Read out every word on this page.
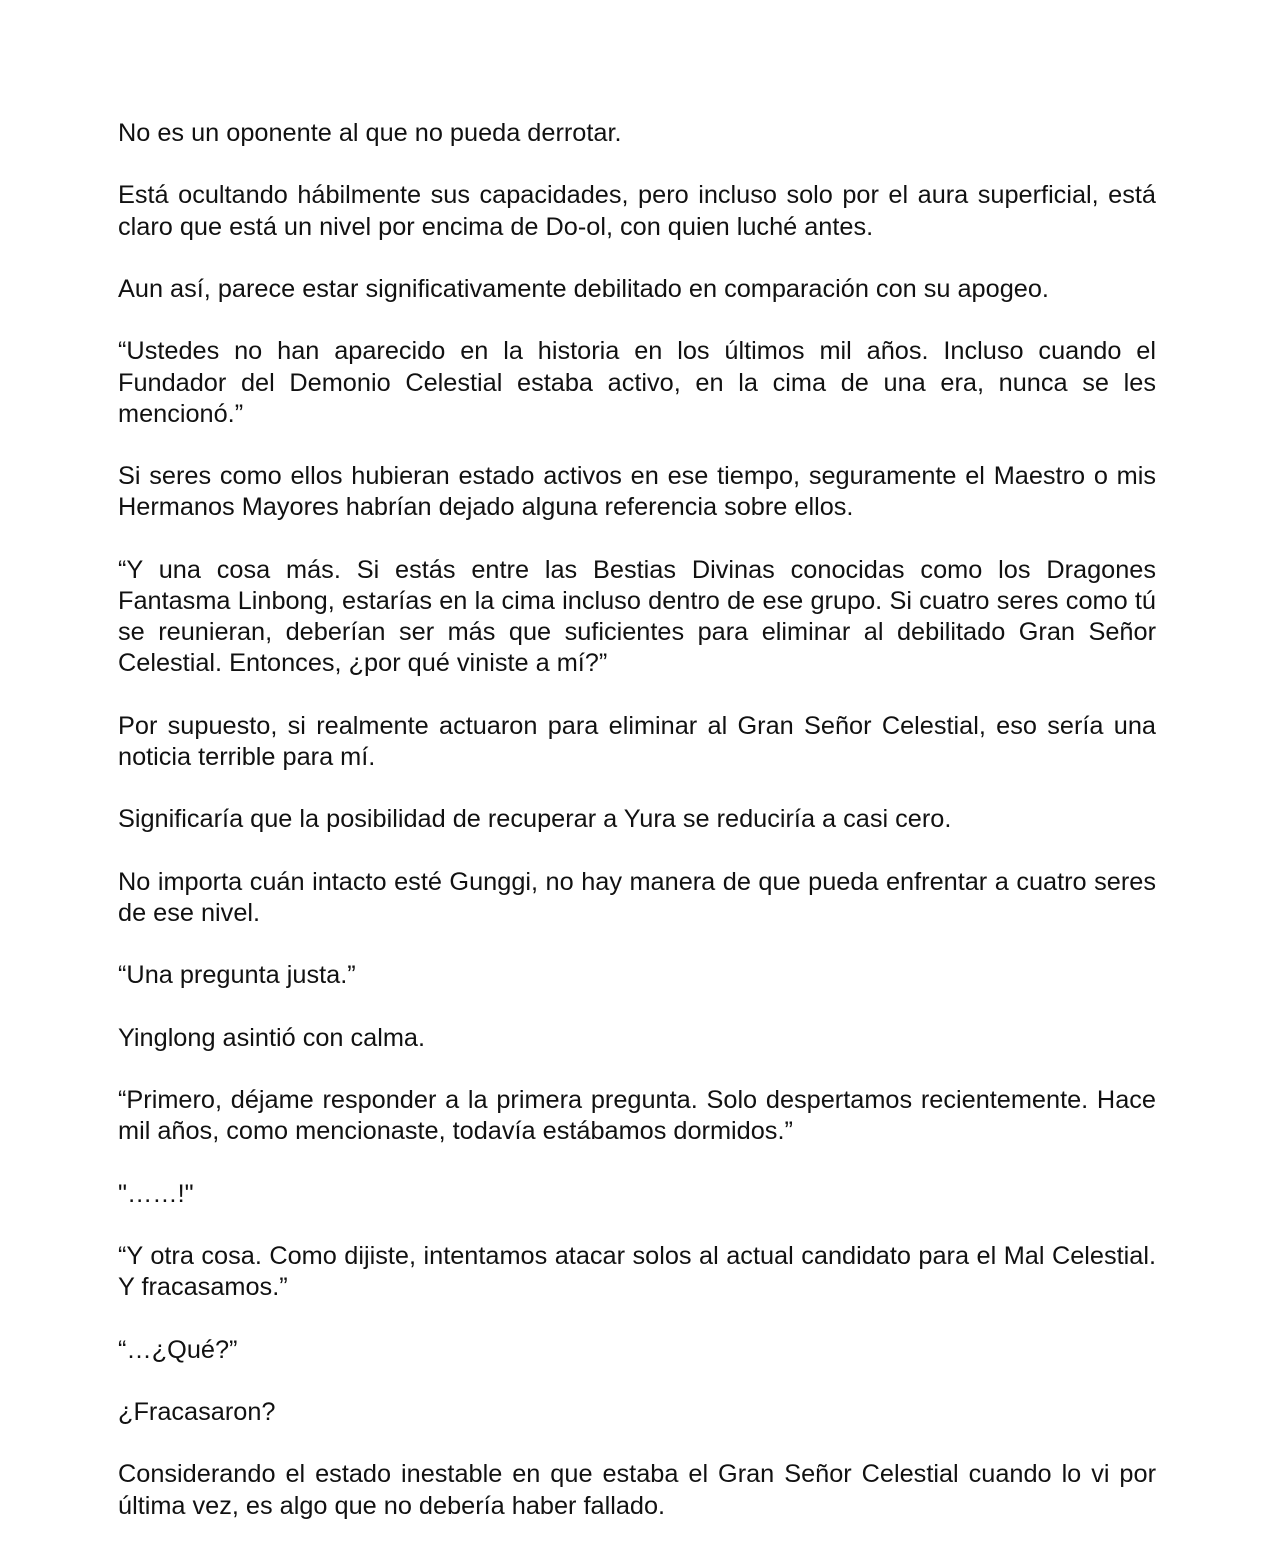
No es un oponente al que no pueda derrotar.

Está ocultando hábilmente sus capacidades, pero incluso solo por el aura superficial, está claro que está un nivel por encima de Do-ol, con quien luché antes.

Aun así, parece estar significativamente debilitado en comparación con su apogeo.

“Ustedes no han aparecido en la historia en los últimos mil años. Incluso cuando el Fundador del Demonio Celestial estaba activo, en la cima de una era, nunca se les mencionó.”

Si seres como ellos hubieran estado activos en ese tiempo, seguramente el Maestro o mis Hermanos Mayores habrían dejado alguna referencia sobre ellos.

“Y una cosa más. Si estás entre las Bestias Divinas conocidas como los Dragones Fantasma Linbong, estarías en la cima incluso dentro de ese grupo. Si cuatro seres como tú se reunieran, deberían ser más que suficientes para eliminar al debilitado Gran Señor Celestial. Entonces, ¿por qué viniste a mí?”

Por supuesto, si realmente actuaron para eliminar al Gran Señor Celestial, eso sería una noticia terrible para mí.

Significaría que la posibilidad de recuperar a Yura se reduciría a casi cero.

No importa cuán intacto esté Gunggi, no hay manera de que pueda enfrentar a cuatro seres de ese nivel.

“Una pregunta justa.”

Yinglong asintió con calma.

“Primero, déjame responder a la primera pregunta. Solo despertamos recientemente. Hace mil años, como mencionaste, todavía estábamos dormidos.”

"……!"

“Y otra cosa. Como dijiste, intentamos atacar solos al actual candidato para el Mal Celestial. Y fracasamos.”

“…¿Qué?”

¿Fracasaron?

Considerando el estado inestable en que estaba el Gran Señor Celestial cuando lo vi por última vez, es algo que no debería haber fallado.
